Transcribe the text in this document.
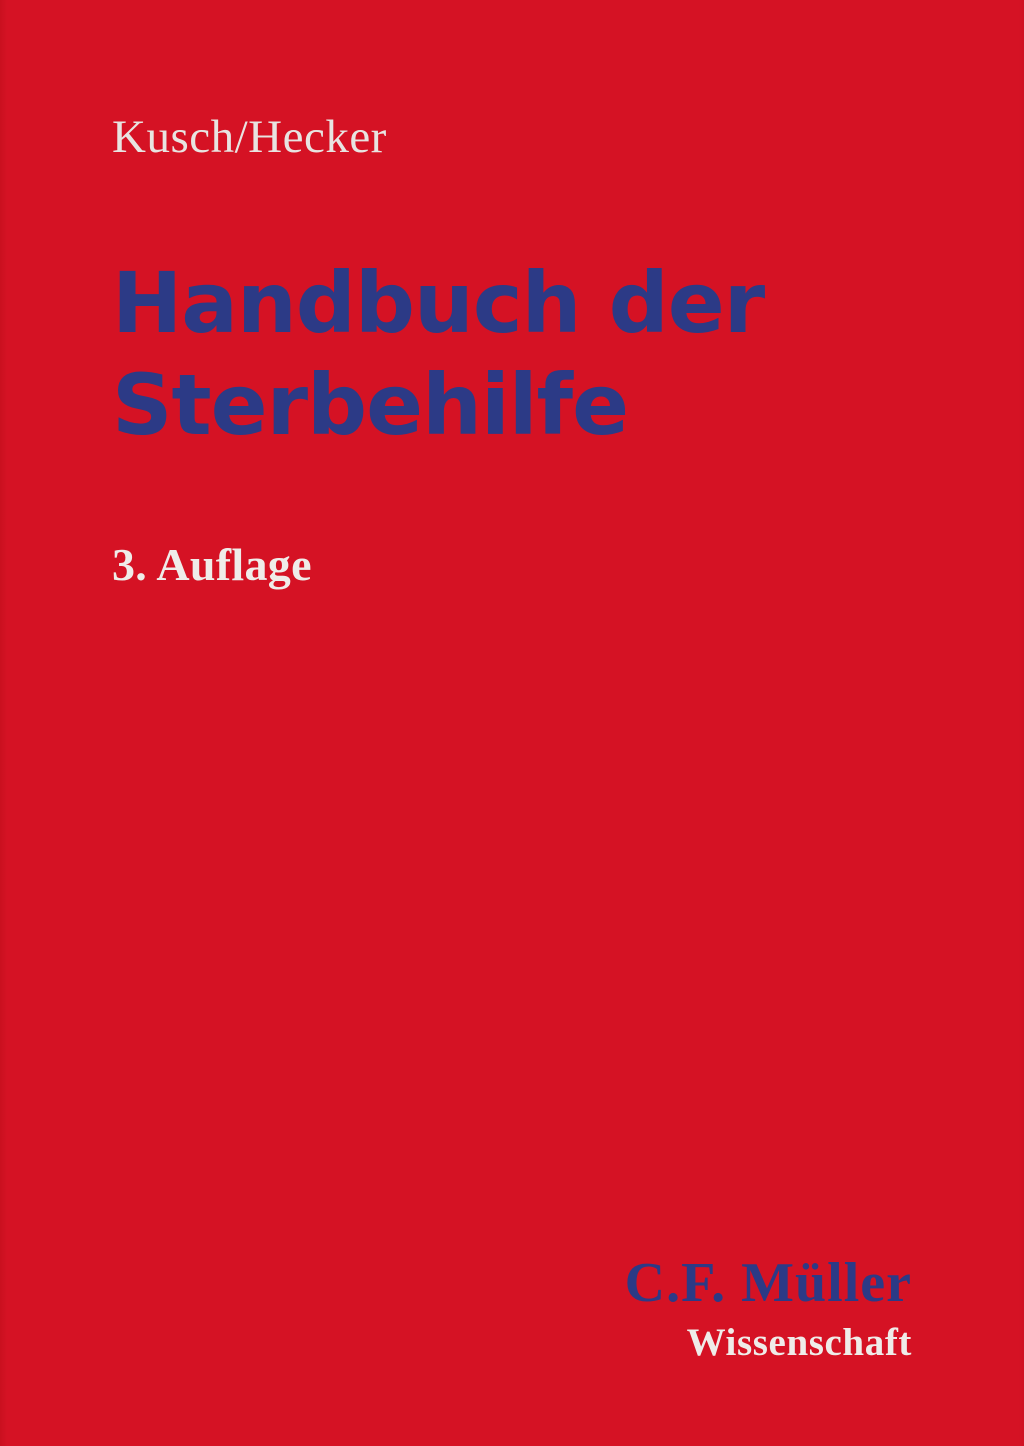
Kusch/Hecker
Handbuch der
Sterbehilfe
3. Auflage
C.F. Müller
Wissenschaft
